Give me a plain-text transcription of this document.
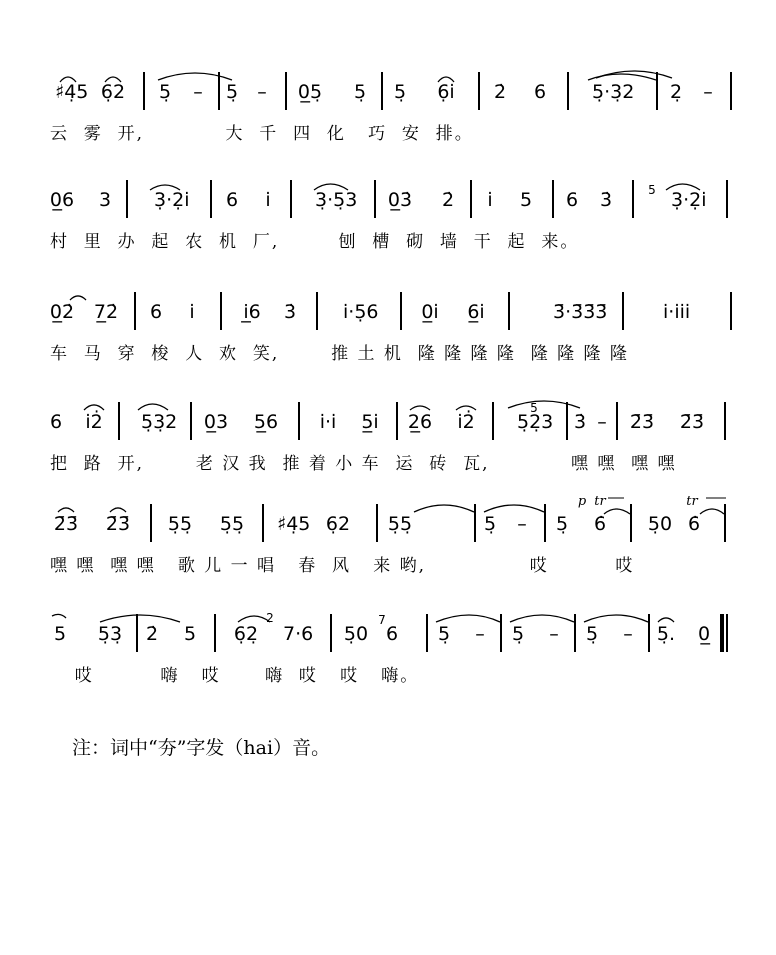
♯4̣5 6̣2	5̣	–	5̣	–	0̲5̣	5̣	5̣	6̣i̇	2̇	6	5̣·3̣2	2̣	–
云  雾  开,           大  千  四  化   巧  安  排。
0̲6	3	3̣·2̣i̇	6	i̇	3̣·5̣3 0̲3̇	2̇	i̇	5	6	3̇	3̣·2̣i̇
5
村  里  办  起  农  机  厂,        刨  槽  砌  墙  干  起  来。
0̲2̇ 7̲2̇	6	i̇	i̲6	3̇	i̇·5̣6 0̲i̇ 6̲i̇	3̄·3̄3̄3̄	i̇·i̇i̇i̇
车  马  穿  梭  人  欢  笑,       推 土 机  隆 隆 隆 隆  隆 隆 隆 隆
6	i̇2̇ 5̣3̣2 0̲3 5̲6 i̇·i̇ 5̲i̇ 2̲6 i̇2̇ 5̣2̣3	3̇ –	2̄3̄ 2̄3̄
5
把  路  开,       老 汉 我  推 着 小 车  运  砖  瓦,           嘿 嘿  嘿 嘿
2̄3̄ 2̄3̄ 5̣5̣ 5̣5̣ ♯4̣5 6̣2 5̣5̣	5̣	–	5̣	6̇	5̣0 6̇
p tr	tr
嘿 嘿  嘿 嘿   歌 儿 一 唱   春  风   来 哟,              哎         哎
5	5̣3̣	2̇	5	6̣2̣ 7·6 5̣0 6	5̣	–	5̣	–	5̣	–	5̣.	0̲
2	7
哎         嗨   哎      嗨  哎   哎   嗨。
注：词中“夯”字发（hai）音。
